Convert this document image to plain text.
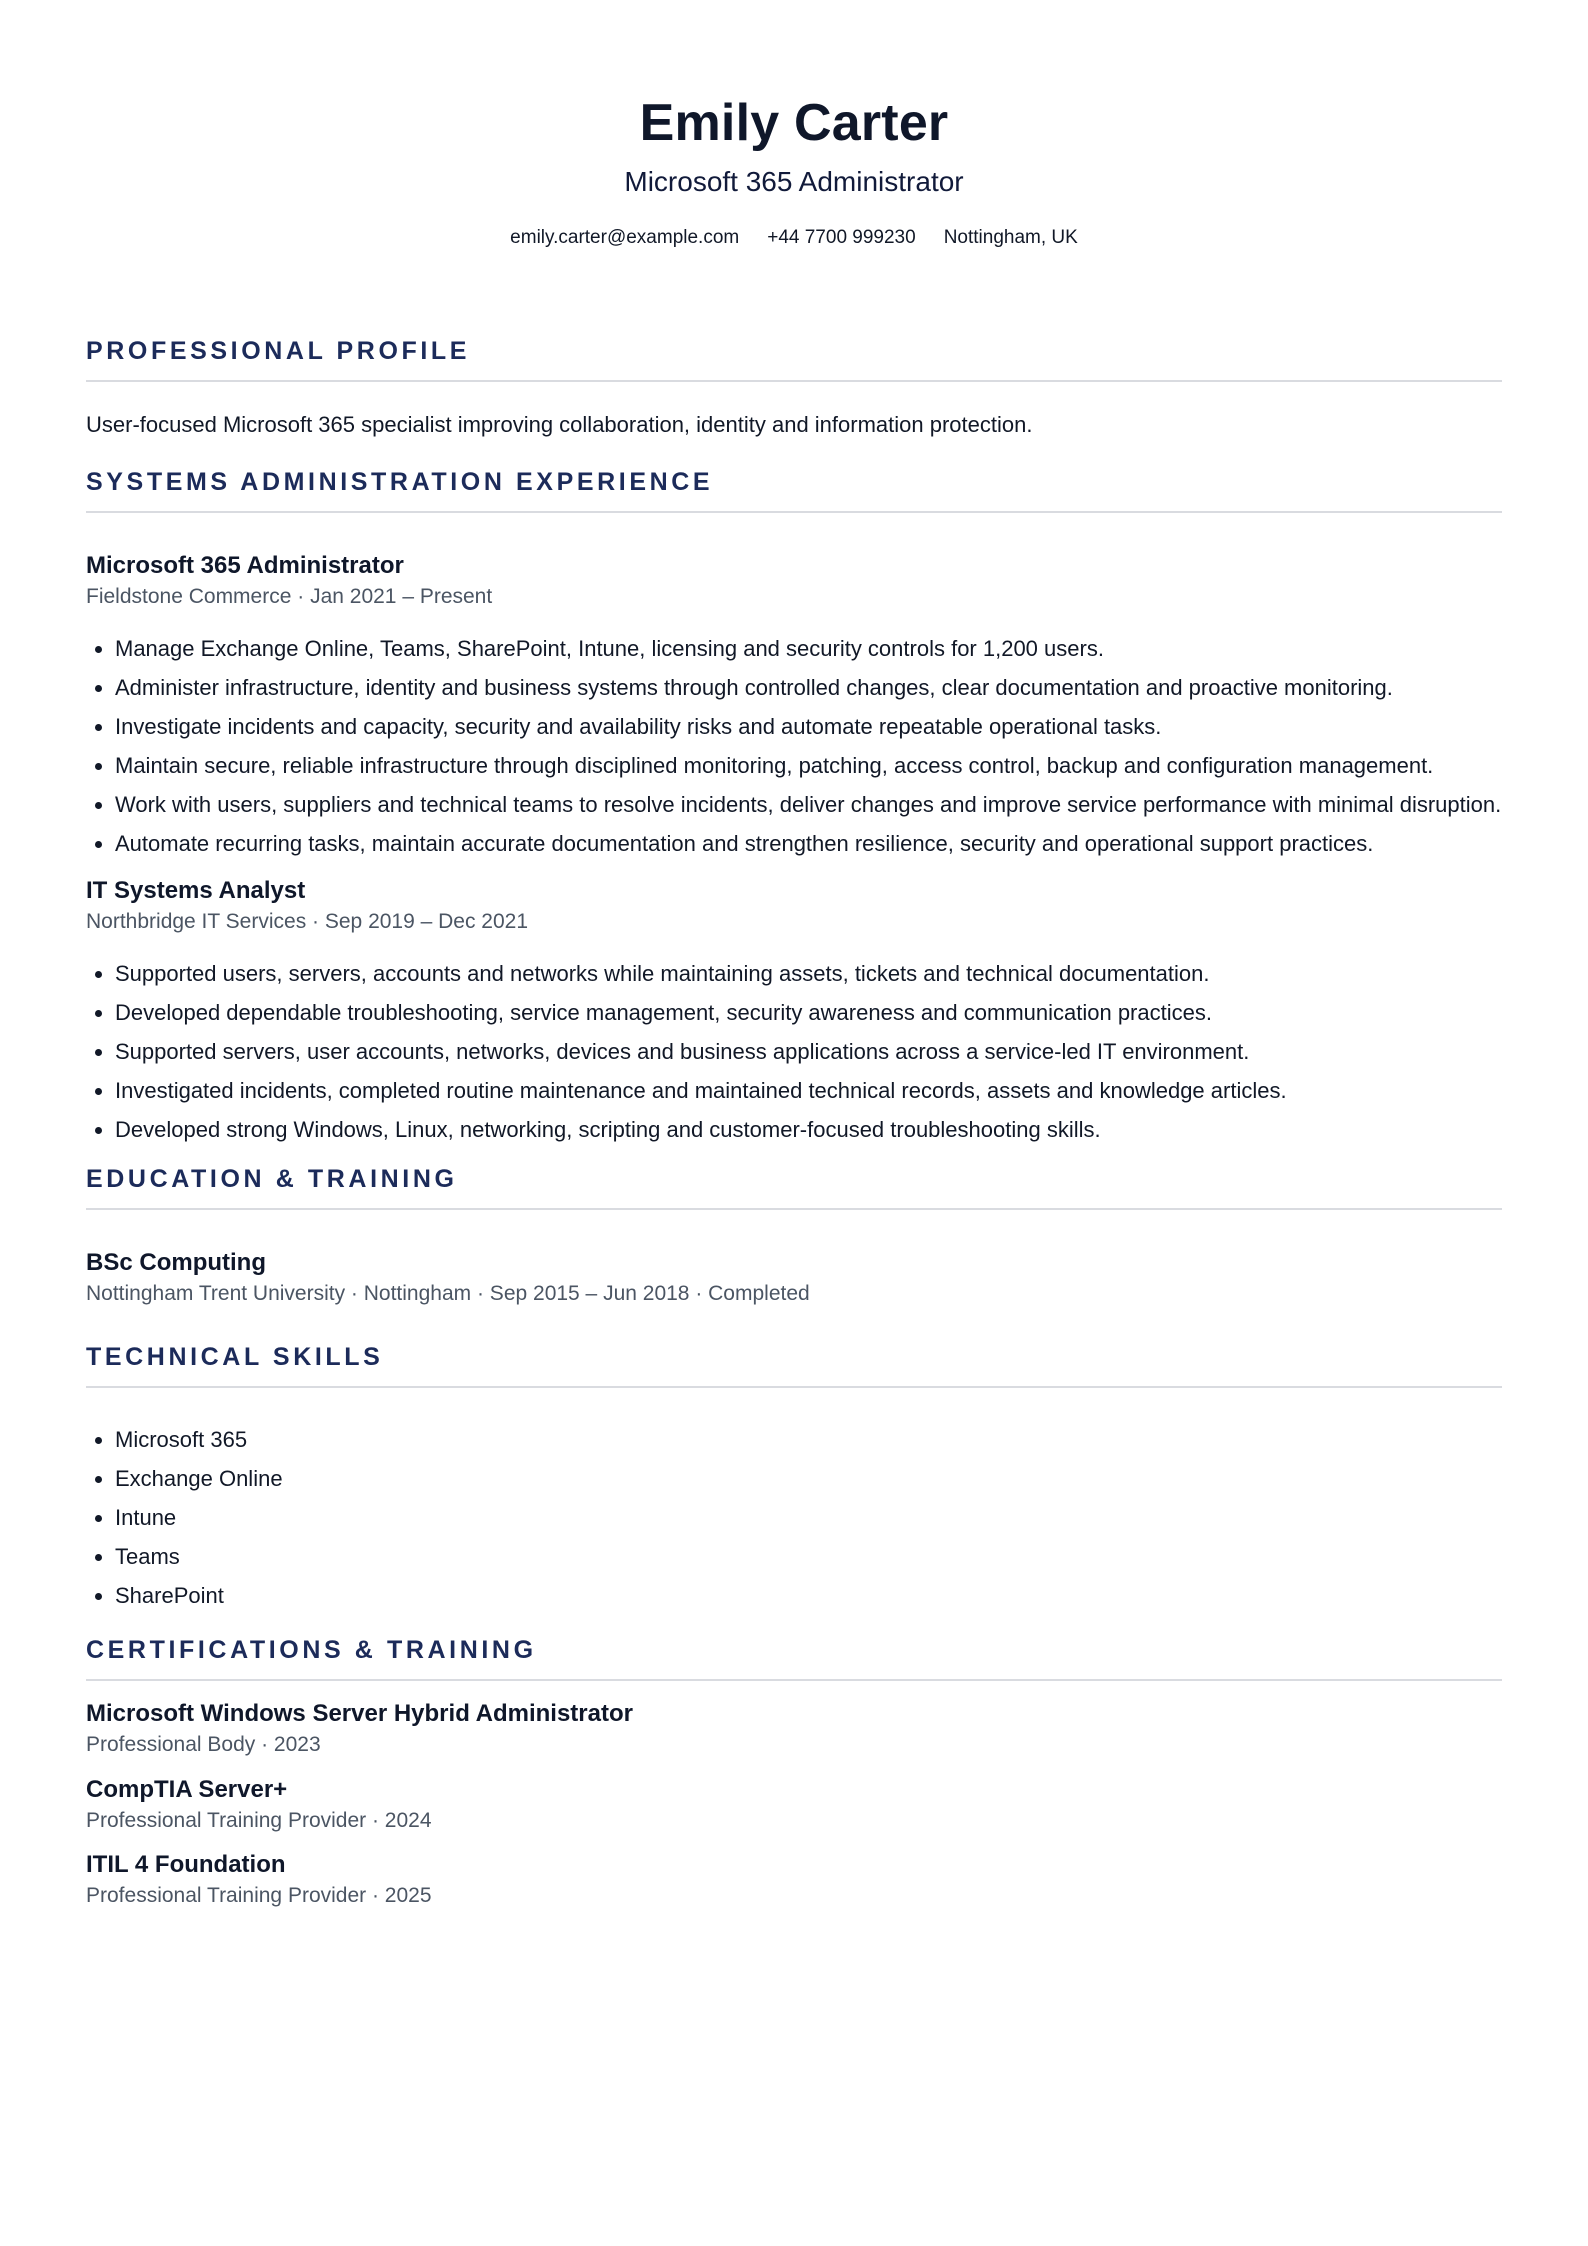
Emily Carter
Microsoft 365 Administrator
emily.carter@example.com +44 7700 999230 Nottingham, UK
PROFESSIONAL PROFILE
User-focused Microsoft 365 specialist improving collaboration, identity and information protection.
SYSTEMS ADMINISTRATION EXPERIENCE
Microsoft 365 Administrator
Fieldstone Commerce · Jan 2021 – Present
• Manage Exchange Online, Teams, SharePoint, Intune, licensing and security controls for 1,200 users.
• Administer infrastructure, identity and business systems through controlled changes, clear documentation and proactive monitoring.
• Investigate incidents and capacity, security and availability risks and automate repeatable operational tasks.
• Maintain secure, reliable infrastructure through disciplined monitoring, patching, access control, backup and configuration management.
• Work with users, suppliers and technical teams to resolve incidents, deliver changes and improve service performance with minimal disruption.
• Automate recurring tasks, maintain accurate documentation and strengthen resilience, security and operational support practices.
IT Systems Analyst
Northbridge IT Services · Sep 2019 – Dec 2021
• Supported users, servers, accounts and networks while maintaining assets, tickets and technical documentation.
• Developed dependable troubleshooting, service management, security awareness and communication practices.
• Supported servers, user accounts, networks, devices and business applications across a service-led IT environment.
• Investigated incidents, completed routine maintenance and maintained technical records, assets and knowledge articles.
• Developed strong Windows, Linux, networking, scripting and customer-focused troubleshooting skills.
EDUCATION & TRAINING
BSc Computing
Nottingham Trent University · Nottingham · Sep 2015 – Jun 2018 · Completed
TECHNICAL SKILLS
• Microsoft 365
• Exchange Online
• Intune
• Teams
• SharePoint
CERTIFICATIONS & TRAINING
Microsoft Windows Server Hybrid Administrator
Professional Body · 2023
CompTIA Server+
Professional Training Provider · 2024
ITIL 4 Foundation
Professional Training Provider · 2025
